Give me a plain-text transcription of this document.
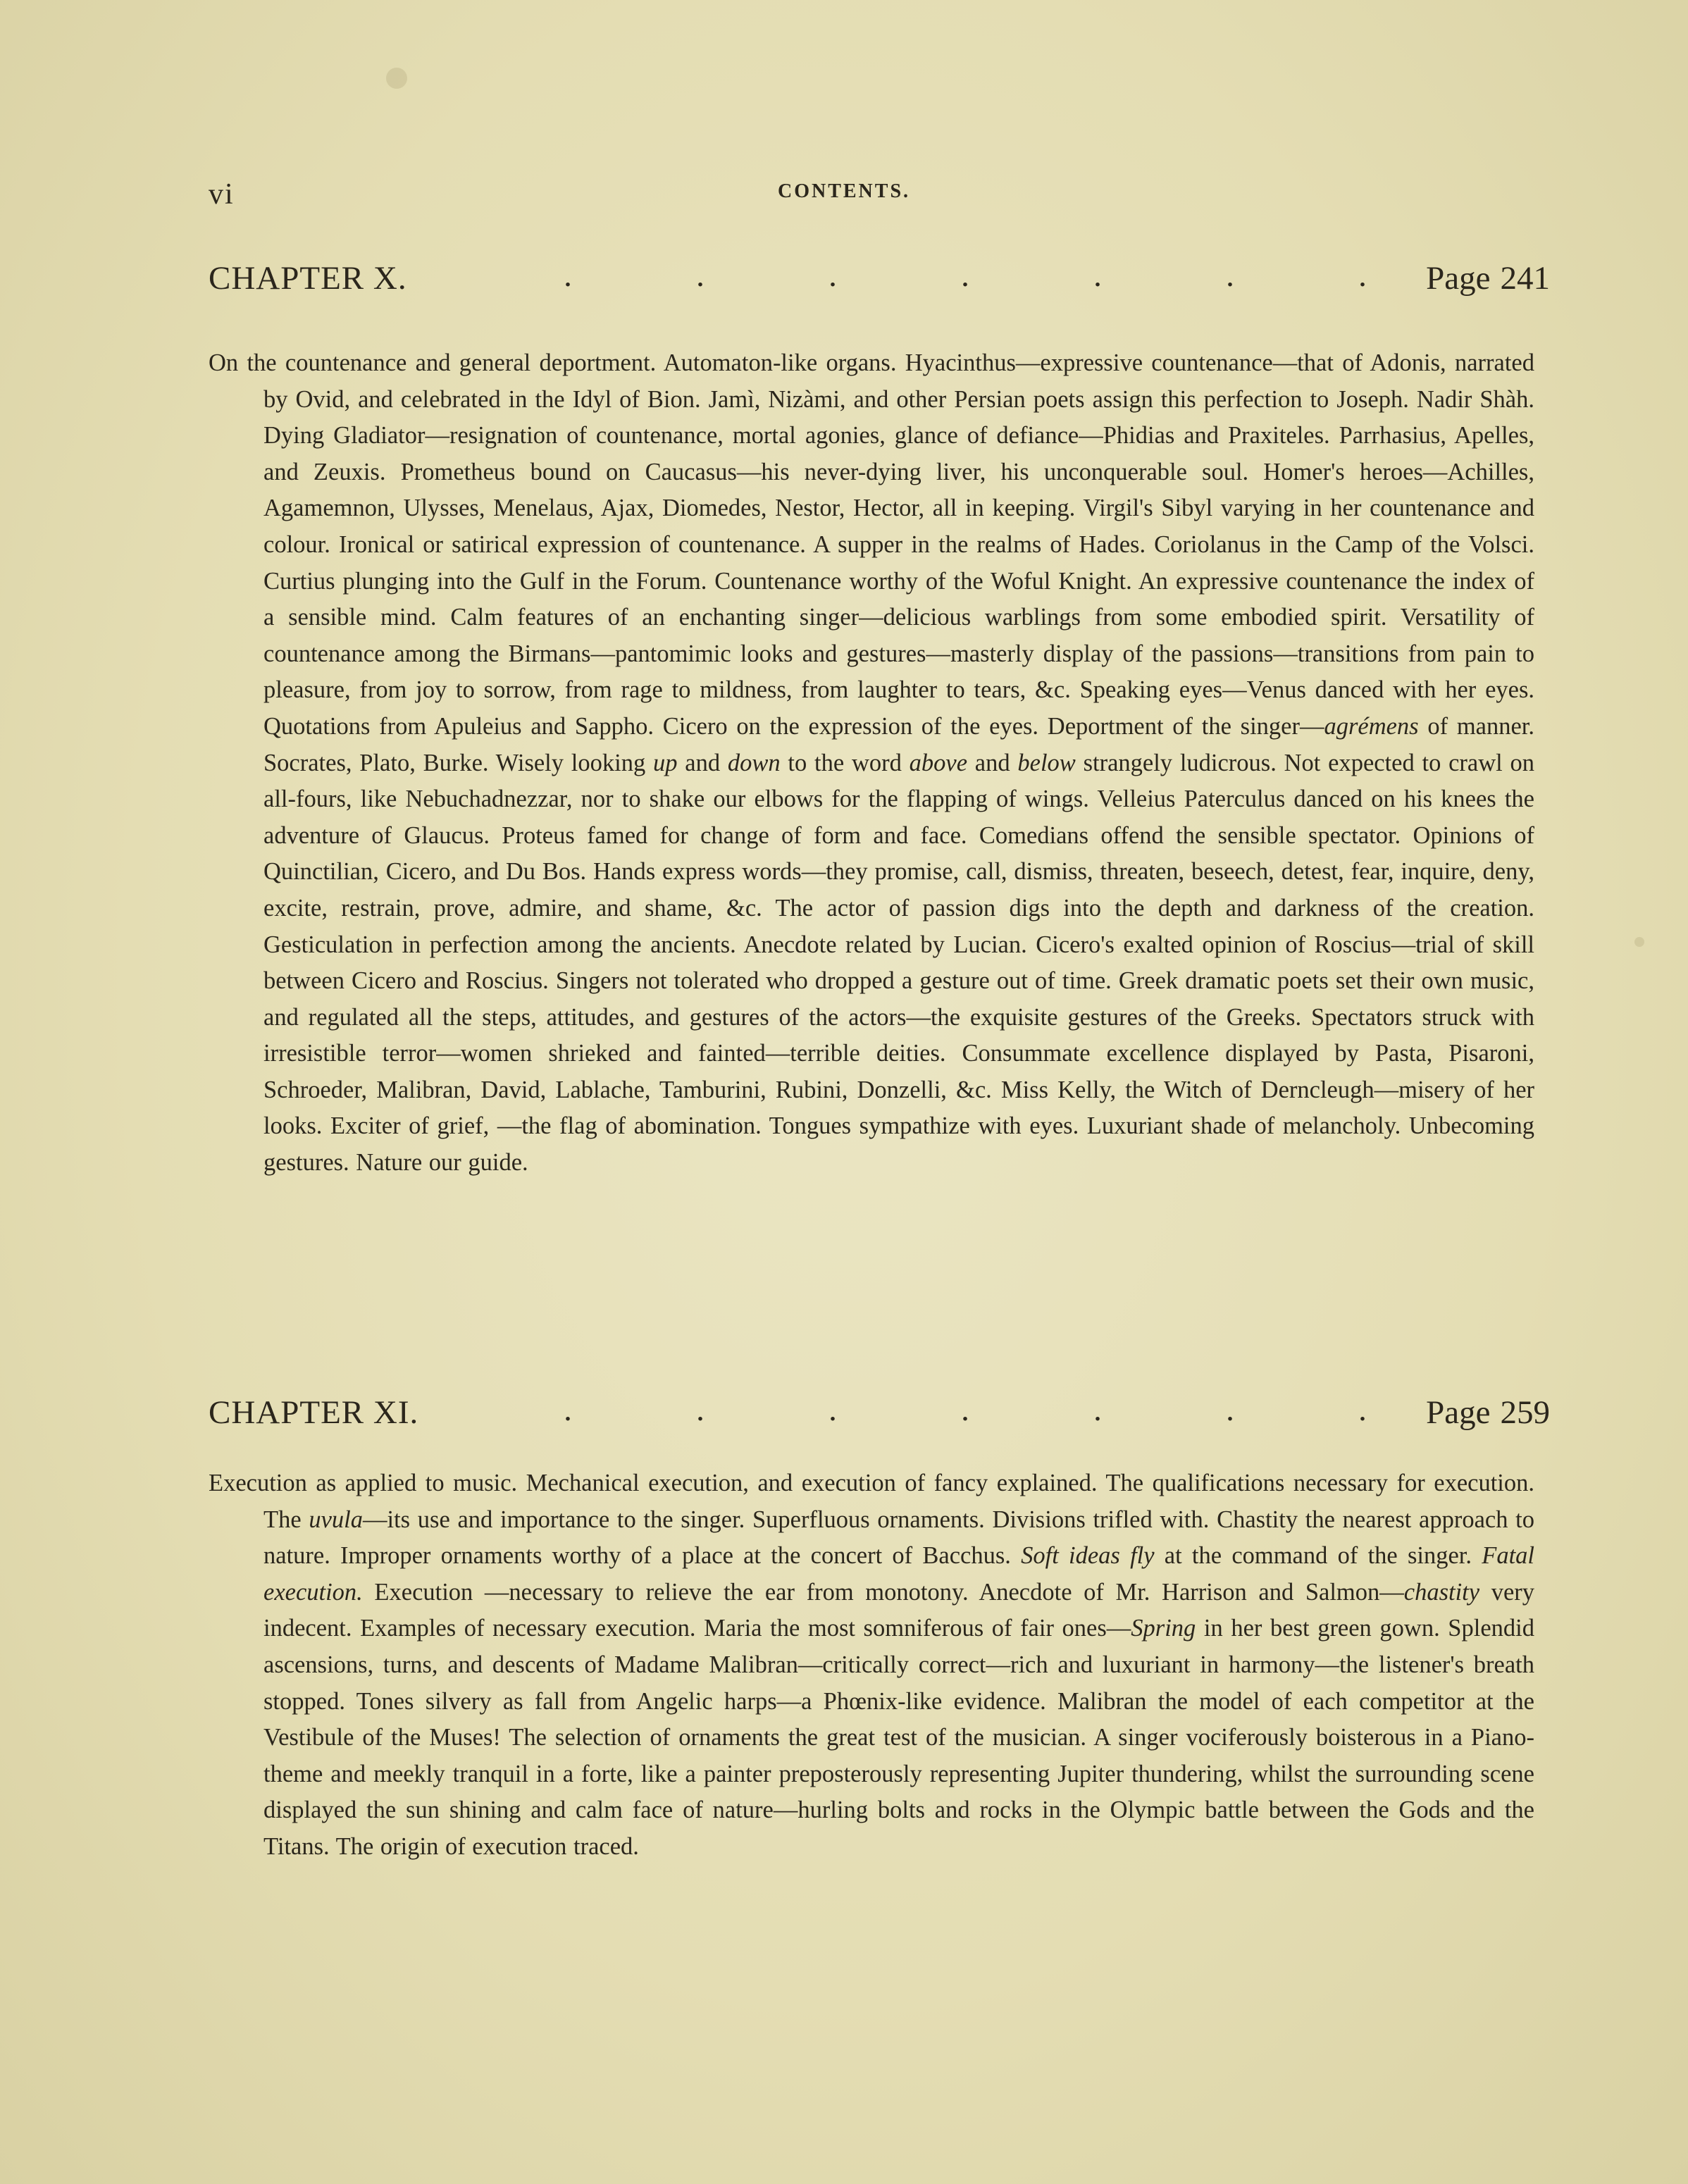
vi	CONTENTS.
CHAPTER X.	.	.	.	.	.	.	. Page 241
On the countenance and general deportment. Automaton-like organs. Hyacinthus—expressive countenance—that of Adonis, narrated by Ovid, and celebrated in the Idyl of Bion. Jamì, Nizàmi, and other Persian poets assign this perfection to Joseph. Nadir Shàh. Dying Gladiator—resignation of countenance, mortal agonies, glance of defiance—Phidias and Praxiteles. Parrhasius, Apelles, and Zeuxis. Prometheus bound on Caucasus—his never-dying liver, his unconquerable soul. Homer's heroes—Achilles, Agamemnon, Ulysses, Menelaus, Ajax, Diomedes, Nestor, Hector, all in keeping. Virgil's Sibyl varying in her countenance and colour. Ironical or satirical expression of countenance. A supper in the realms of Hades. Coriolanus in the Camp of the Volsci. Curtius plunging into the Gulf in the Forum. Countenance worthy of the Woful Knight. An expressive countenance the index of a sensible mind. Calm features of an enchanting singer—delicious warblings from some embodied spirit. Versatility of countenance among the Birmans—pantomimic looks and gestures—masterly display of the passions—transitions from pain to pleasure, from joy to sorrow, from rage to mildness, from laughter to tears, &c. Speaking eyes—Venus danced with her eyes. Quotations from Apuleius and Sappho. Cicero on the expression of the eyes. Deportment of the singer—agrémens of manner. Socrates, Plato, Burke. Wisely looking up and down to the word above and below strangely ludicrous. Not expected to crawl on all-fours, like Nebuchadnezzar, nor to shake our elbows for the flapping of wings. Velleius Paterculus danced on his knees the adventure of Glaucus. Proteus famed for change of form and face. Comedians offend the sensible spectator. Opinions of Quinctilian, Cicero, and Du Bos. Hands express words—they promise, call, dismiss, threaten, beseech, detest, fear, inquire, deny, excite, restrain, prove, admire, and shame, &c. The actor of passion digs into the depth and darkness of the creation. Gesticulation in perfection among the ancients. Anecdote related by Lucian. Cicero's exalted opinion of Roscius—trial of skill between Cicero and Roscius. Singers not tolerated who dropped a gesture out of time. Greek dramatic poets set their own music, and regulated all the steps, attitudes, and gestures of the actors—the exquisite gestures of the Greeks. Spectators struck with irresistible terror—women shrieked and fainted—terrible deities. Consummate excellence displayed by Pasta, Pisaroni, Schroeder, Malibran, David, Lablache, Tamburini, Rubini, Donzelli, &c. Miss Kelly, the Witch of Derncleugh—misery of her looks. Exciter of grief, —the flag of abomination. Tongues sympathize with eyes. Luxuriant shade of melancholy. Unbecoming gestures. Nature our guide.
CHAPTER XI.	.	.	.	.	.	.	. Page 259
Execution as applied to music. Mechanical execution, and execution of fancy explained. The qualifications necessary for execution. The uvula—its use and importance to the singer. Superfluous ornaments. Divisions trifled with. Chastity the nearest approach to nature. Improper ornaments worthy of a place at the concert of Bacchus. Soft ideas fly at the command of the singer. Fatal execution. Execution —necessary to relieve the ear from monotony. Anecdote of Mr. Harrison and Salmon—chastity very indecent. Examples of necessary execution. Maria the most somniferous of fair ones—Spring in her best green gown. Splendid ascensions, turns, and descents of Madame Malibran—critically correct—rich and luxuriant in harmony—the listener's breath stopped. Tones silvery as fall from Angelic harps—a Phœnix-like evidence. Malibran the model of each competitor at the Vestibule of the Muses! The selection of ornaments the great test of the musician. A singer vociferously boisterous in a Piano-theme and meekly tranquil in a forte, like a painter preposterously representing Jupiter thundering, whilst the surrounding scene displayed the sun shining and calm face of nature—hurling bolts and rocks in the Olympic battle between the Gods and the Titans. The origin of execution traced.
